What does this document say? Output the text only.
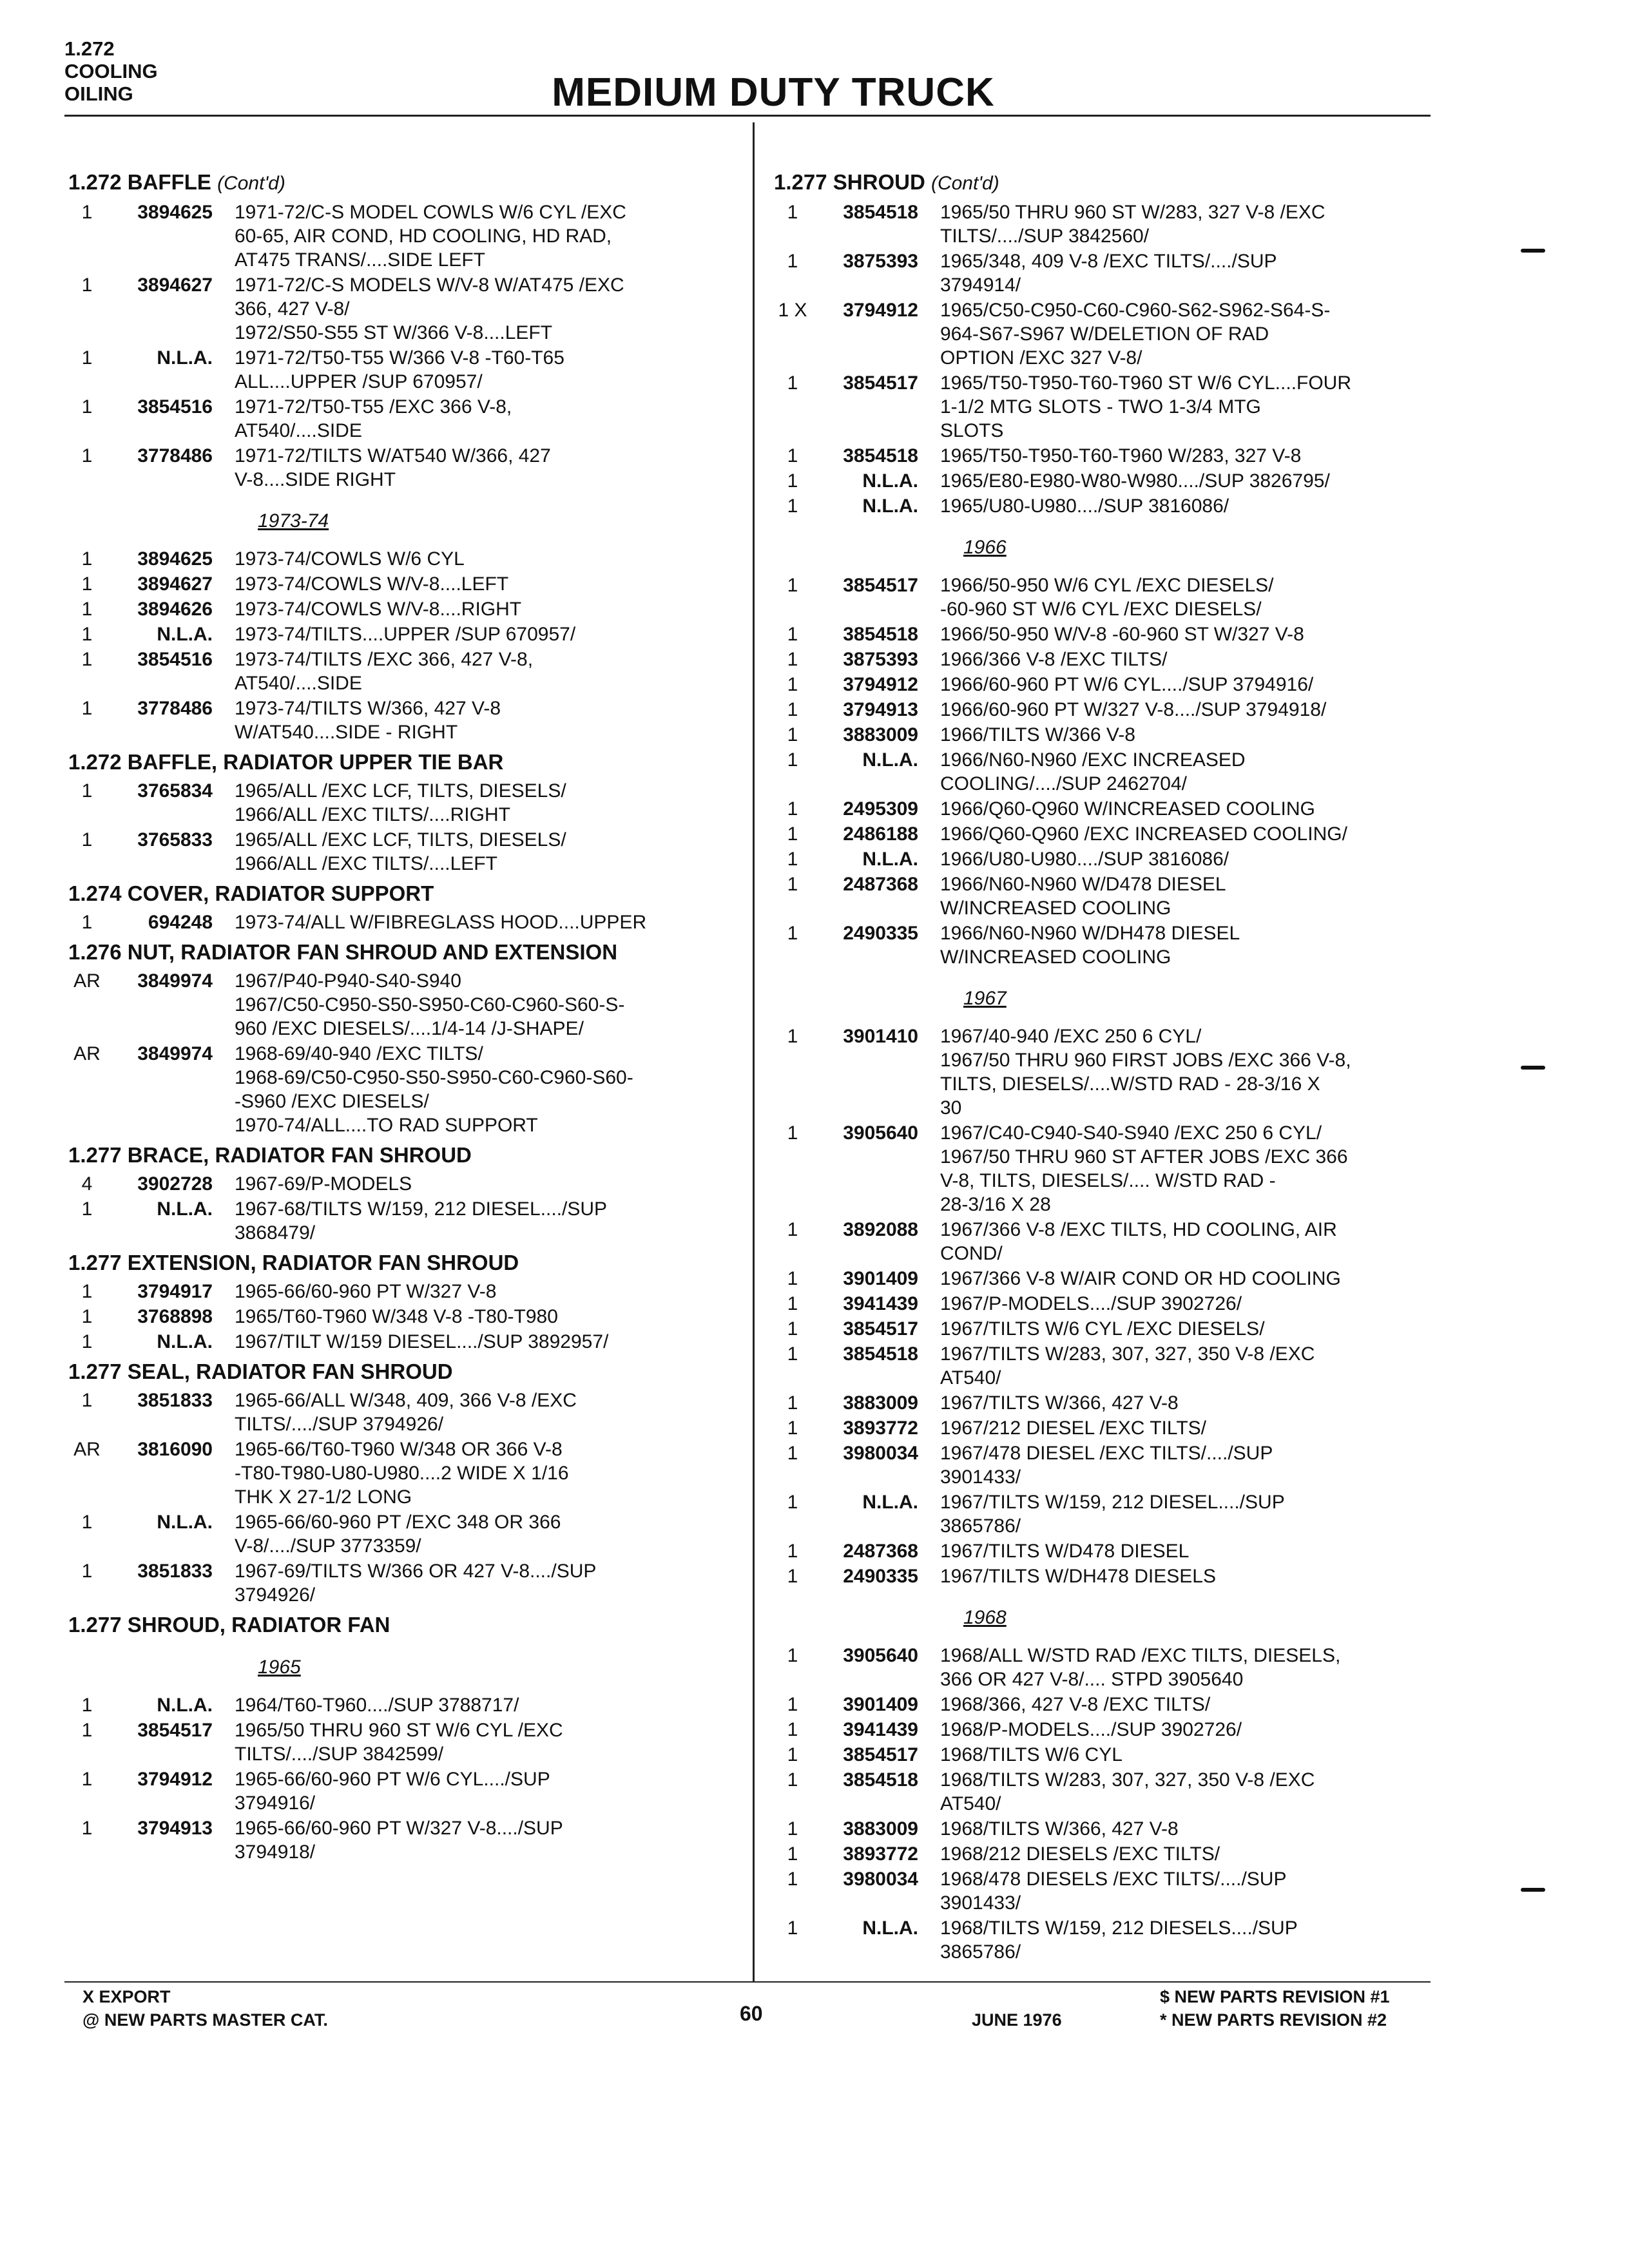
1.272
COOLING
OILING	MEDIUM DUTY TRUCK
1.272 BAFFLE (Cont'd)
1	3894625	1971-72/C-S MODEL COWLS W/6 CYL /EXC
60-65, AIR COND, HD COOLING, HD RAD,
AT475 TRANS/....SIDE LEFT
1	3894627	1971-72/C-S MODELS W/V-8 W/AT475 /EXC
366, 427 V-8/
1972/S50-S55 ST W/366 V-8....LEFT
1	N.L.A.	1971-72/T50-T55 W/366 V-8 -T60-T65
ALL....UPPER /SUP 670957/
1	3854516	1971-72/T50-T55 /EXC 366 V-8,
AT540/....SIDE
1	3778486	1971-72/TILTS W/AT540 W/366, 427
V-8....SIDE RIGHT
1973-74
1	3894625	1973-74/COWLS W/6 CYL
1	3894627	1973-74/COWLS W/V-8....LEFT
1	3894626	1973-74/COWLS W/V-8....RIGHT
1	N.L.A.	1973-74/TILTS....UPPER /SUP 670957/
1	3854516	1973-74/TILTS /EXC 366, 427 V-8,
AT540/....SIDE
1	3778486	1973-74/TILTS W/366, 427 V-8
W/AT540....SIDE - RIGHT
1.272 BAFFLE, RADIATOR UPPER TIE BAR
1	3765834	1965/ALL /EXC LCF, TILTS, DIESELS/
1966/ALL /EXC TILTS/....RIGHT
1	3765833	1965/ALL /EXC LCF, TILTS, DIESELS/
1966/ALL /EXC TILTS/....LEFT
1.274 COVER, RADIATOR SUPPORT
1	694248	1973-74/ALL W/FIBREGLASS HOOD....UPPER
1.276 NUT, RADIATOR FAN SHROUD AND EXTENSION
AR	3849974	1967/P40-P940-S40-S940
1967/C50-C950-S50-S950-C60-C960-S60-S-
960 /EXC DIESELS/....1/4-14 /J-SHAPE/
AR	3849974	1968-69/40-940 /EXC TILTS/
1968-69/C50-C950-S50-S950-C60-C960-S60-
-S960 /EXC DIESELS/
1970-74/ALL....TO RAD SUPPORT
1.277 BRACE, RADIATOR FAN SHROUD
4	3902728	1967-69/P-MODELS
1	N.L.A.	1967-68/TILTS W/159, 212 DIESEL..../SUP
3868479/
1.277 EXTENSION, RADIATOR FAN SHROUD
1	3794917	1965-66/60-960 PT W/327 V-8
1	3768898	1965/T60-T960 W/348 V-8 -T80-T980
1	N.L.A.	1967/TILT W/159 DIESEL..../SUP 3892957/
1.277 SEAL, RADIATOR FAN SHROUD
1	3851833	1965-66/ALL W/348, 409, 366 V-8 /EXC
TILTS/..../SUP 3794926/
AR	3816090	1965-66/T60-T960 W/348 OR 366 V-8
-T80-T980-U80-U980....2 WIDE X 1/16
THK X 27-1/2 LONG
1	N.L.A.	1965-66/60-960 PT /EXC 348 OR 366
V-8/..../SUP 3773359/
1	3851833	1967-69/TILTS W/366 OR 427 V-8..../SUP
3794926/
1.277 SHROUD, RADIATOR FAN
1965
1	N.L.A.	1964/T60-T960..../SUP 3788717/
1	3854517	1965/50 THRU 960 ST W/6 CYL /EXC
TILTS/..../SUP 3842599/
1	3794912	1965-66/60-960 PT W/6 CYL..../SUP
3794916/
1	3794913	1965-66/60-960 PT W/327 V-8..../SUP
3794918/
1.277 SHROUD (Cont'd)
1	3854518	1965/50 THRU 960 ST W/283, 327 V-8 /EXC
TILTS/..../SUP 3842560/
1	3875393	1965/348, 409 V-8 /EXC TILTS/..../SUP
3794914/
1 X	3794912	1965/C50-C950-C60-C960-S62-S962-S64-S-
964-S67-S967 W/DELETION OF RAD
OPTION /EXC 327 V-8/
1	3854517	1965/T50-T950-T60-T960 ST W/6 CYL....FOUR
1-1/2 MTG SLOTS - TWO 1-3/4 MTG
SLOTS
1	3854518	1965/T50-T950-T60-T960 W/283, 327 V-8
1	N.L.A.	1965/E80-E980-W80-W980..../SUP 3826795/
1	N.L.A.	1965/U80-U980..../SUP 3816086/
1966
1	3854517	1966/50-950 W/6 CYL /EXC DIESELS/
-60-960 ST W/6 CYL /EXC DIESELS/
1	3854518	1966/50-950 W/V-8 -60-960 ST W/327 V-8
1	3875393	1966/366 V-8 /EXC TILTS/
1	3794912	1966/60-960 PT W/6 CYL..../SUP 3794916/
1	3794913	1966/60-960 PT W/327 V-8..../SUP 3794918/
1	3883009	1966/TILTS W/366 V-8
1	N.L.A.	1966/N60-N960 /EXC INCREASED
COOLING/..../SUP 2462704/
1	2495309	1966/Q60-Q960 W/INCREASED COOLING
1	2486188	1966/Q60-Q960 /EXC INCREASED COOLING/
1	N.L.A.	1966/U80-U980..../SUP 3816086/
1	2487368	1966/N60-N960 W/D478 DIESEL
W/INCREASED COOLING
1	2490335	1966/N60-N960 W/DH478 DIESEL
W/INCREASED COOLING
1967
1	3901410	1967/40-940 /EXC 250 6 CYL/
1967/50 THRU 960 FIRST JOBS /EXC 366 V-8,
TILTS, DIESELS/....W/STD RAD - 28-3/16 X
30
1	3905640	1967/C40-C940-S40-S940 /EXC 250 6 CYL/
1967/50 THRU 960 ST AFTER JOBS /EXC 366
V-8, TILTS, DIESELS/.... W/STD RAD -
28-3/16 X 28
1	3892088	1967/366 V-8 /EXC TILTS, HD COOLING, AIR
COND/
1	3901409	1967/366 V-8 W/AIR COND OR HD COOLING
1	3941439	1967/P-MODELS..../SUP 3902726/
1	3854517	1967/TILTS W/6 CYL /EXC DIESELS/
1	3854518	1967/TILTS W/283, 307, 327, 350 V-8 /EXC
AT540/
1	3883009	1967/TILTS W/366, 427 V-8
1	3893772	1967/212 DIESEL /EXC TILTS/
1	3980034	1967/478 DIESEL /EXC TILTS/..../SUP
3901433/
1	N.L.A.	1967/TILTS W/159, 212 DIESEL..../SUP
3865786/
1	2487368	1967/TILTS W/D478 DIESEL
1	2490335	1967/TILTS W/DH478 DIESELS
1968
1	3905640	1968/ALL W/STD RAD /EXC TILTS, DIESELS,
366 OR 427 V-8/.... STPD 3905640
1	3901409	1968/366, 427 V-8 /EXC TILTS/
1	3941439	1968/P-MODELS..../SUP 3902726/
1	3854517	1968/TILTS W/6 CYL
1	3854518	1968/TILTS W/283, 307, 327, 350 V-8 /EXC
AT540/
1	3883009	1968/TILTS W/366, 427 V-8
1	3893772	1968/212 DIESELS /EXC TILTS/
1	3980034	1968/478 DIESELS /EXC TILTS/..../SUP
3901433/
1	N.L.A.	1968/TILTS W/159, 212 DIESELS..../SUP
3865786/
X EXPORT
@ NEW PARTS MASTER CAT.	60	JUNE 1976
$ NEW PARTS REVISION #1
* NEW PARTS REVISION #2
